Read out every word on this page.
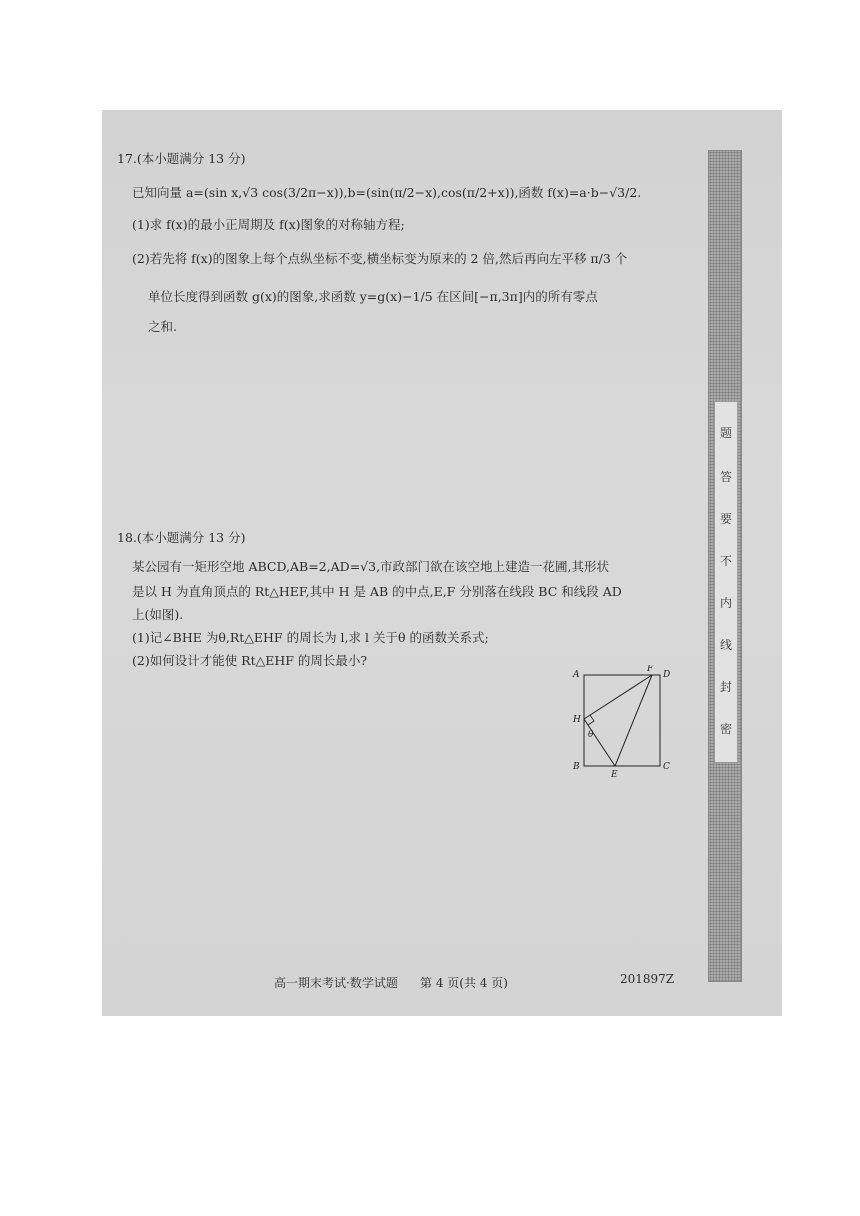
17.(本小题满分 13 分)
已知向量 a=(sin x,√3 cos(3/2π−x)),b=(sin(π/2−x),cos(π/2+x)),函数 f(x)=a·b−√3/2.
(1)求 f(x)的最小正周期及 f(x)图象的对称轴方程;
(2)若先将 f(x)的图象上每个点纵坐标不变,横坐标变为原来的 2 倍,然后再向左平移 π/3 个
单位长度得到函数 g(x)的图象,求函数 y=g(x)−1/5 在区间[−π,3π]内的所有零点
之和.
18.(本小题满分 13 分)
某公园有一矩形空地 ABCD,AB=2,AD=√3,市政部门欲在该空地上建造一花圃,其形状
是以 H 为直角顶点的 Rt△HEF,其中 H 是 AB 的中点,E,F 分别落在线段 BC 和线段 AD
上(如图).
(1)记∠BHE 为θ,Rt△EHF 的周长为 l,求 l 关于θ 的函数关系式;
(2)如何设计才能使 Rt△EHF 的周长最小?
A
F
D
H
θ
B
E
C
高一期末考试·数学试题 第 4 页(共 4 页)	201897Z
题
答
要
不
内
线
封
密
